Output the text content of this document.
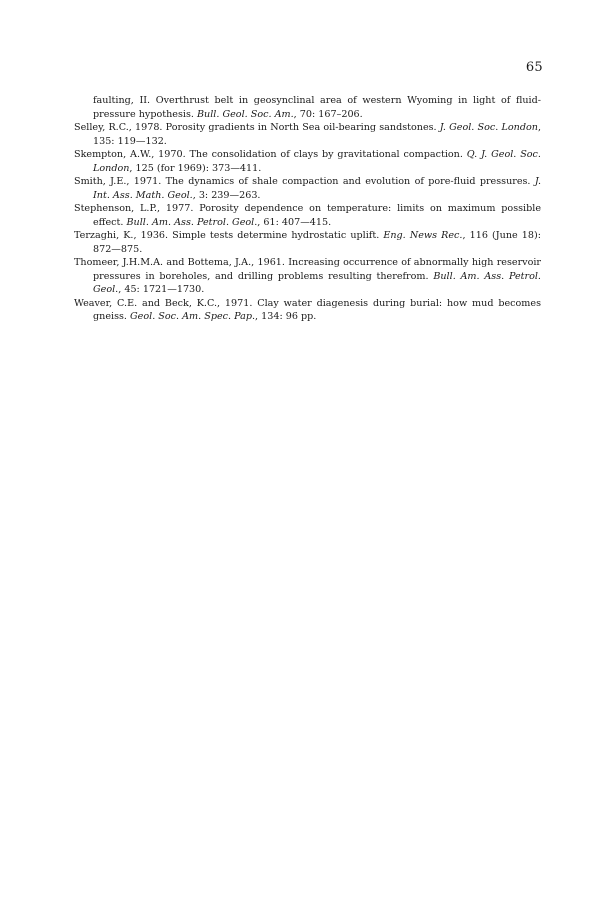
65

faulting, II. Overthrust belt in geosynclinal area of western Wyoming in light of fluid-pressure hypothesis. Bull. Geol. Soc. Am., 70: 167–206.

Selley, R.C., 1978. Porosity gradients in North Sea oil-bearing sandstones. J. Geol. Soc. London, 135: 119—132.

Skempton, A.W., 1970. The consolidation of clays by gravitational compaction. Q. J. Geol. Soc. London, 125 (for 1969): 373—411.

Smith, J.E., 1971. The dynamics of shale compaction and evolution of pore-fluid pressures. J. Int. Ass. Math. Geol., 3: 239—263.

Stephenson, L.P., 1977. Porosity dependence on temperature: limits on maximum possible effect. Bull. Am. Ass. Petrol. Geol., 61: 407—415.

Terzaghi, K., 1936. Simple tests determine hydrostatic uplift. Eng. News Rec., 116 (June 18): 872—875.

Thomeer, J.H.M.A. and Bottema, J.A., 1961. Increasing occurrence of abnormally high reservoir pressures in boreholes, and drilling problems resulting therefrom. Bull. Am. Ass. Petrol. Geol., 45: 1721—1730.

Weaver, C.E. and Beck, K.C., 1971. Clay water diagenesis during burial: how mud becomes gneiss. Geol. Soc. Am. Spec. Pap., 134: 96 pp.
